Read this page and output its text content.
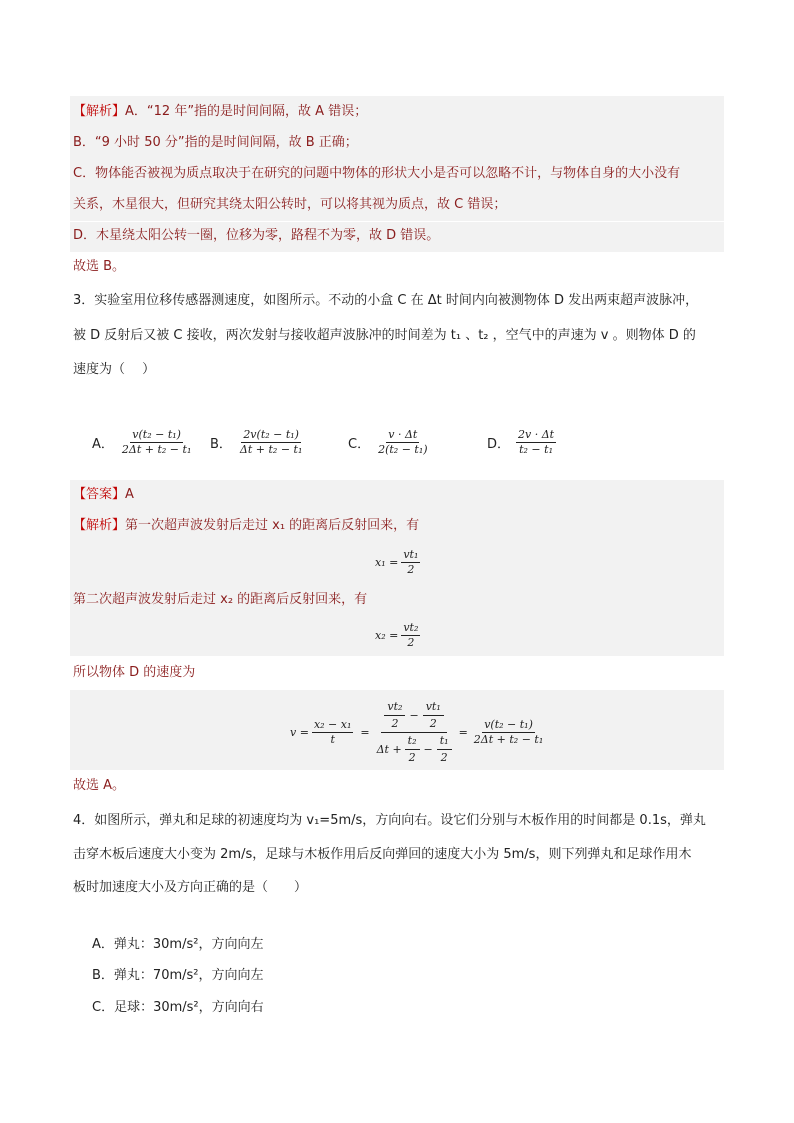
【解析】A．“12 年”指的是时间间隔，故 A 错误；
B．“9 小时 50 分”指的是时间间隔，故 B 正确；
C．物体能否被视为质点取决于在研究的问题中物体的形状大小是否可以忽略不计，与物体自身的大小没有
关系，木星很大，但研究其绕太阳公转时，可以将其视为质点，故 C 错误；
D．木星绕太阳公转一圈，位移为零，路程不为零，故 D 错误。
故选 B。
3．实验室用位移传感器测速度，如图所示。不动的小盒 C 在 Δt 时间内向被测物体 D 发出两束超声波脉冲，
被 D 反射后又被 C 接收，两次发射与接收超声波脉冲的时间差为 t₁ 、t₂ ，空气中的声速为 v 。则物体 D 的
速度为（　 ）
A． $\frac{\text{v(t₂ − t₁)}}{\text{2Δt + t₂ − t₁}}$ B． $\frac{\text{2v(t₂ − t₁)}}{\text{Δt + t₂ − t₁}}$	C． $\frac{v \cdot \Delta t}{\text{2(t₂ − t₁)}}$	D． $\frac{2v \cdot \Delta t}{\text{t₂ − t₁}}$
【答案】A
【解析】第一次超声波发射后走过 x₁ 的距离后反射回来，有
$x_1 = \frac{\text{vt₁}}{2}$
第二次超声波发射后走过 x₂ 的距离后反射回来，有
$x_2 = \frac{\text{vt₂}}{2}$
所以物体 D 的速度为
$v = \frac{\text{x₂ − x₁}}{t} = \frac{\frac{\text{vt₂}}{2} - \frac{\text{vt₁}}{2}}{\Delta t + \frac{\text{t₂}}{2} - \frac{\text{t₁}}{2}} = \frac{\text{v(t₂ − t₁)}}{\text{2Δt + t₂ − t₁}}$
故选 A。
4．如图所示，弹丸和足球的初速度均为 v₁=5m/s，方向向右。设它们分别与木板作用的时间都是 0.1s，弹丸
击穿木板后速度大小变为 2m/s，足球与木板作用后反向弹回的速度大小为 5m/s，则下列弹丸和足球作用木
板时加速度大小及方向正确的是（　　）
A．弹丸：30m/s²，方向向左
B．弹丸：70m/s²，方向向左
C．足球：30m/s²，方向向右
